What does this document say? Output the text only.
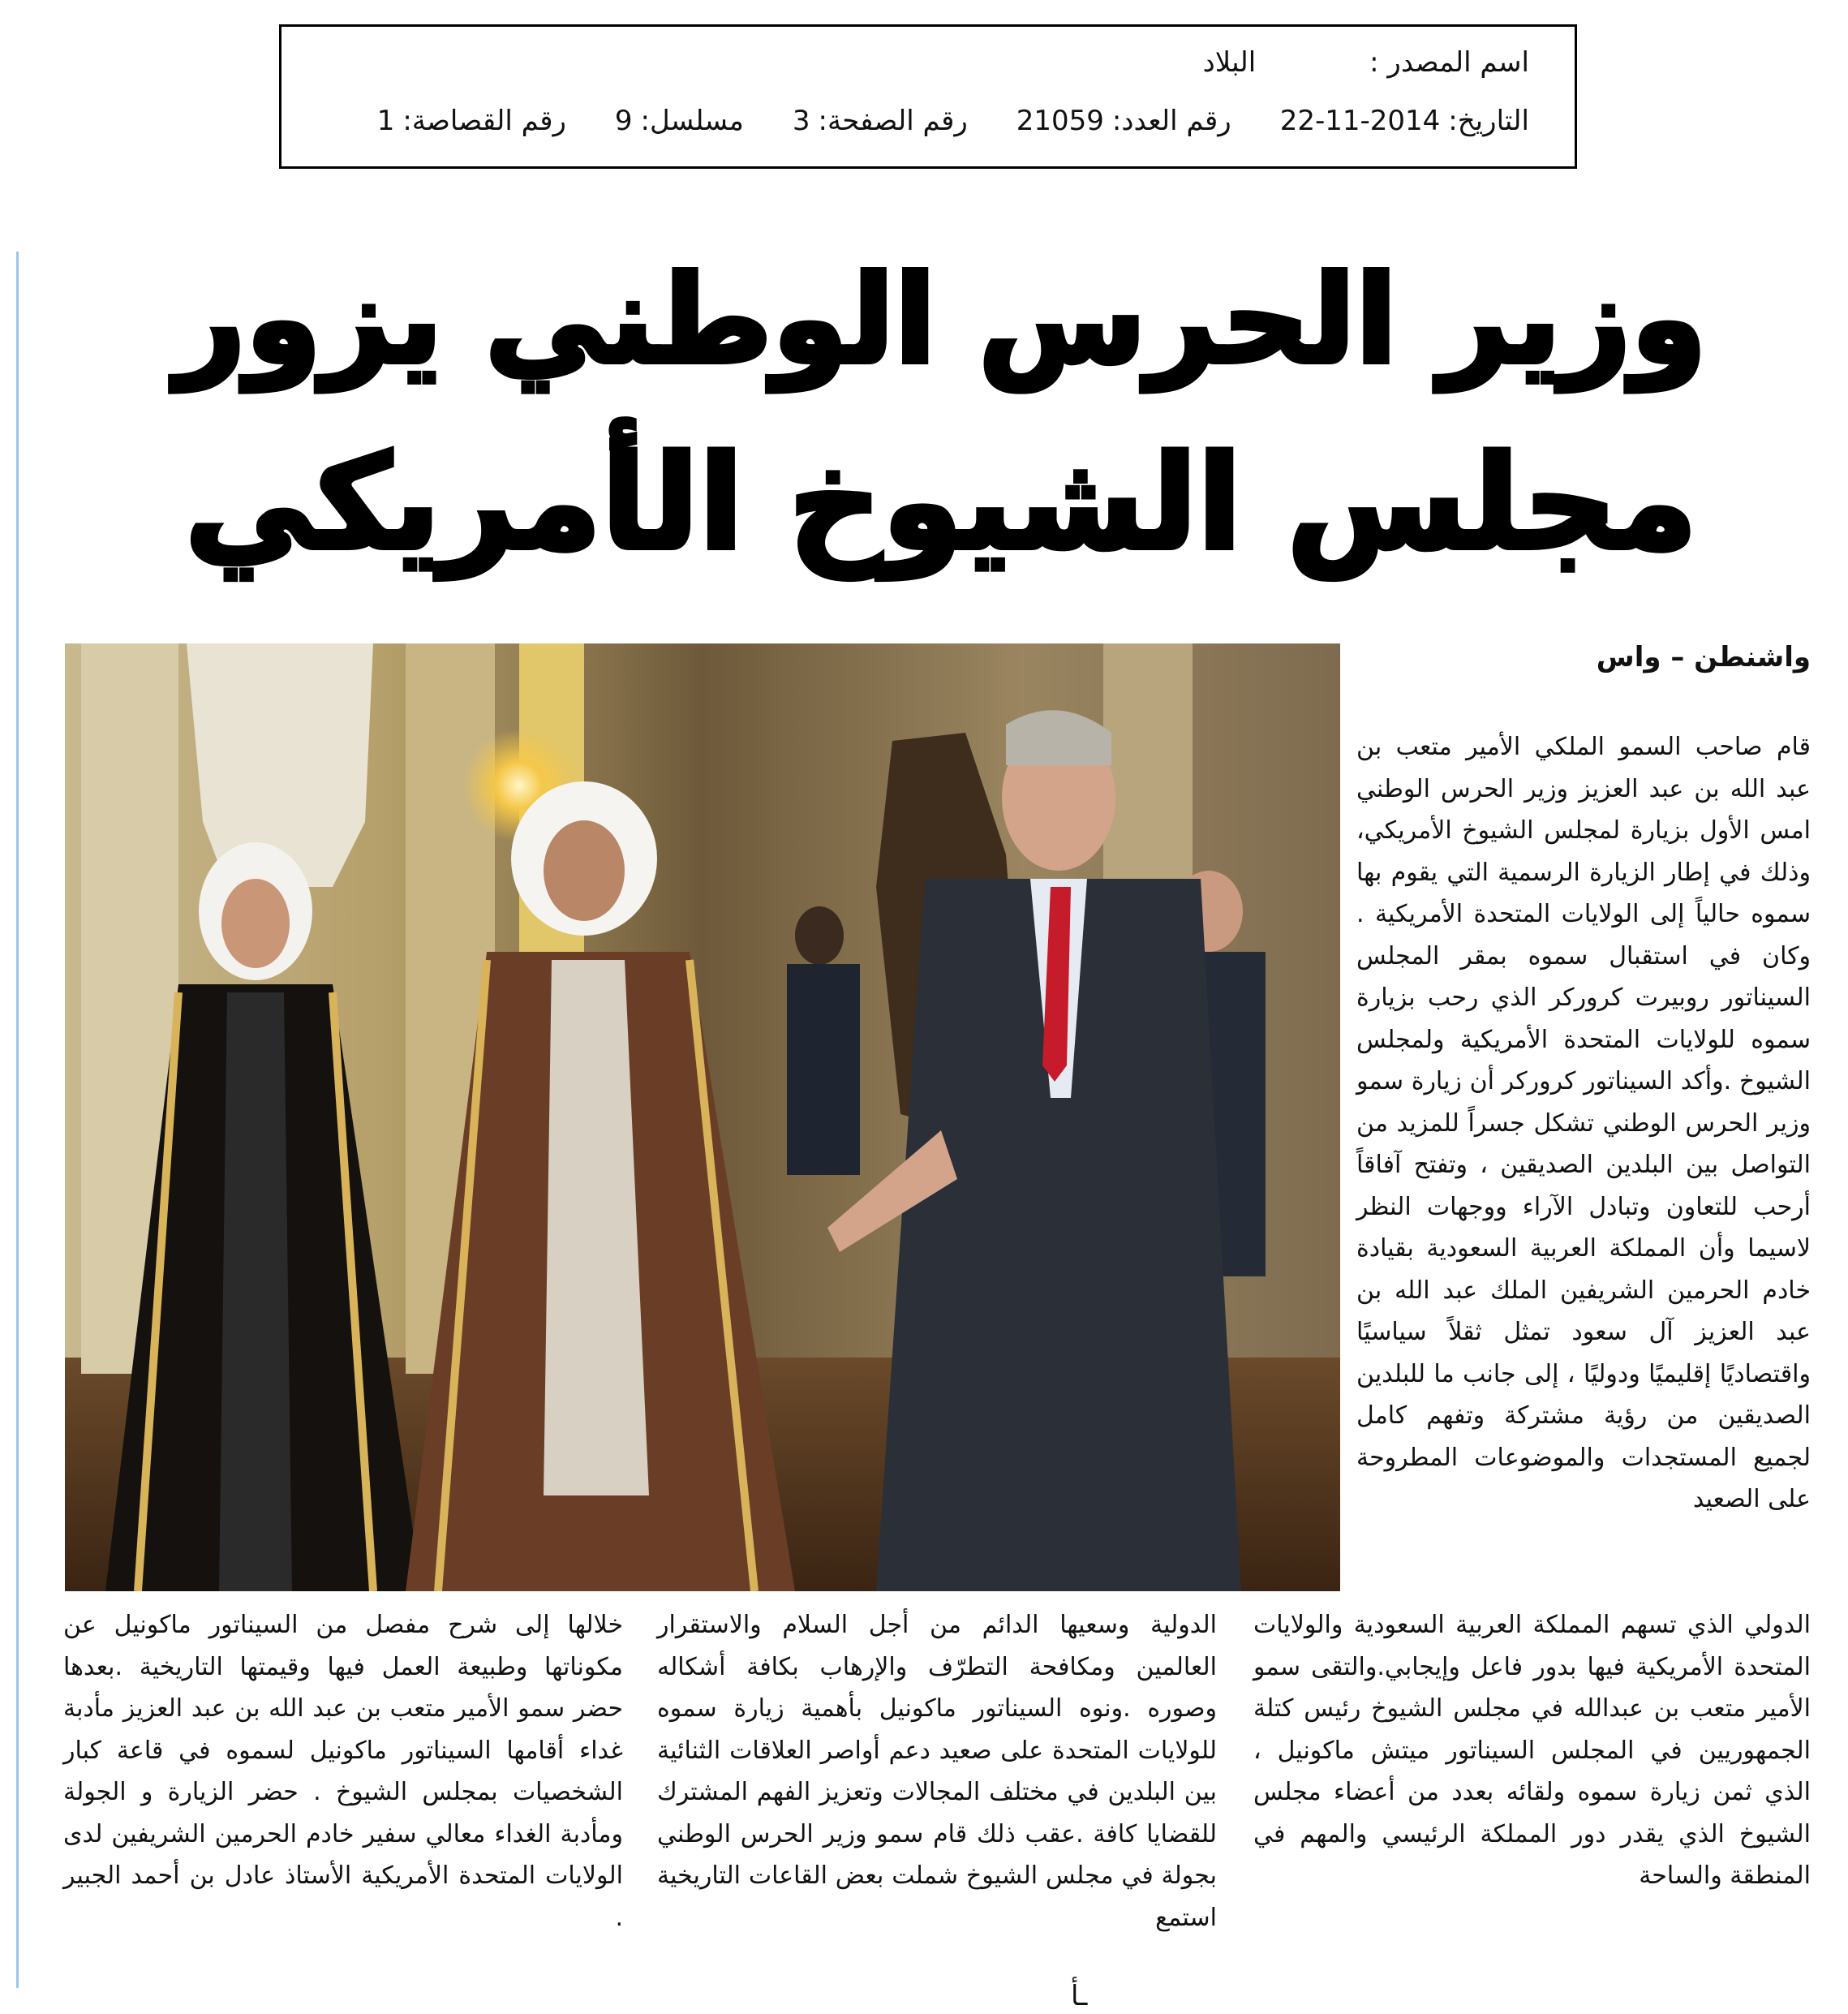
اسم المصدر :
البلاد
التاريخ:
22-11-2014
رقم العدد:
21059
رقم الصفحة:
3
مسلسل:
9
رقم القصاصة:
1
وزير الحرس الوطني يزور
مجلس الشيوخ الأمريكي
واشنطن – واس
قام صاحب السمو الملكي الأمير متعب بن عبد الله بن عبد العزيز وزير الحرس الوطني امس الأول بزيارة لمجلس الشيوخ الأمريكي، وذلك في إطار الزيارة الرسمية التي يقوم بها سموه حالياً إلى الولايات المتحدة الأمريكية . وكان في استقبال سموه بمقر المجلس السيناتور روبيرت كروركر الذي رحب بزيارة سموه للولايات المتحدة الأمريكية ولمجلس الشيوخ .وأكد السيناتور كروركر أن زيارة سمو وزير الحرس الوطني تشكل جسراً للمزيد من التواصل بين البلدين الصديقين ، وتفتح آفاقاً أرحب للتعاون وتبادل الآراء ووجهات النظر لاسيما وأن المملكة العربية السعودية بقيادة خادم الحرمين الشريفين الملك عبد الله بن عبد العزيز آل سعود تمثل ثقلاً سياسيًا واقتصاديًا إقليميًا ودوليًا ، إلى جانب ما للبلدين الصديقين من رؤية مشتركة وتفهم كامل لجميع المستجدات والموضوعات المطروحة على الصعيد
الدولي الذي تسهم المملكة العربية السعودية والولايات المتحدة الأمريكية فيها بدور فاعل وإيجابي.والتقى سمو الأمير متعب بن عبدالله في مجلس الشيوخ رئيس كتلة الجمهوريين في المجلس السيناتور ميتش ماكونيل ، الذي ثمن زيارة سموه ولقائه بعدد من أعضاء مجلس الشيوخ الذي يقدر دور المملكة الرئيسي والمهم في المنطقة والساحة
الدولية وسعيها الدائم من أجل السلام والاستقرار العالمين ومكافحة التطرّف والإرهاب بكافة أشكاله وصوره .ونوه السيناتور ماكونيل بأهمية زيارة سموه للولايات المتحدة على صعيد دعم أواصر العلاقات الثنائية بين البلدين في مختلف المجالات وتعزيز الفهم المشترك للقضايا كافة .عقب ذلك قام سمو وزير الحرس الوطني بجولة في مجلس الشيوخ شملت بعض القاعات التاريخية استمع
خلالها إلى شرح مفصل من السيناتور ماكونيل عن مكوناتها وطبيعة العمل فيها وقيمتها التاريخية .بعدها حضر سمو الأمير متعب بن عبد الله بن عبد العزيز مأدبة غداء أقامها السيناتور ماكونيل لسموه في قاعة كبار الشخصيات بمجلس الشيوخ . حضر الزيارة و الجولة ومأدبة الغداء معالي سفير خادم الحرمين الشريفين لدى الولايات المتحدة الأمريكية الأستاذ عادل بن أحمد الجبير .
ـأ
